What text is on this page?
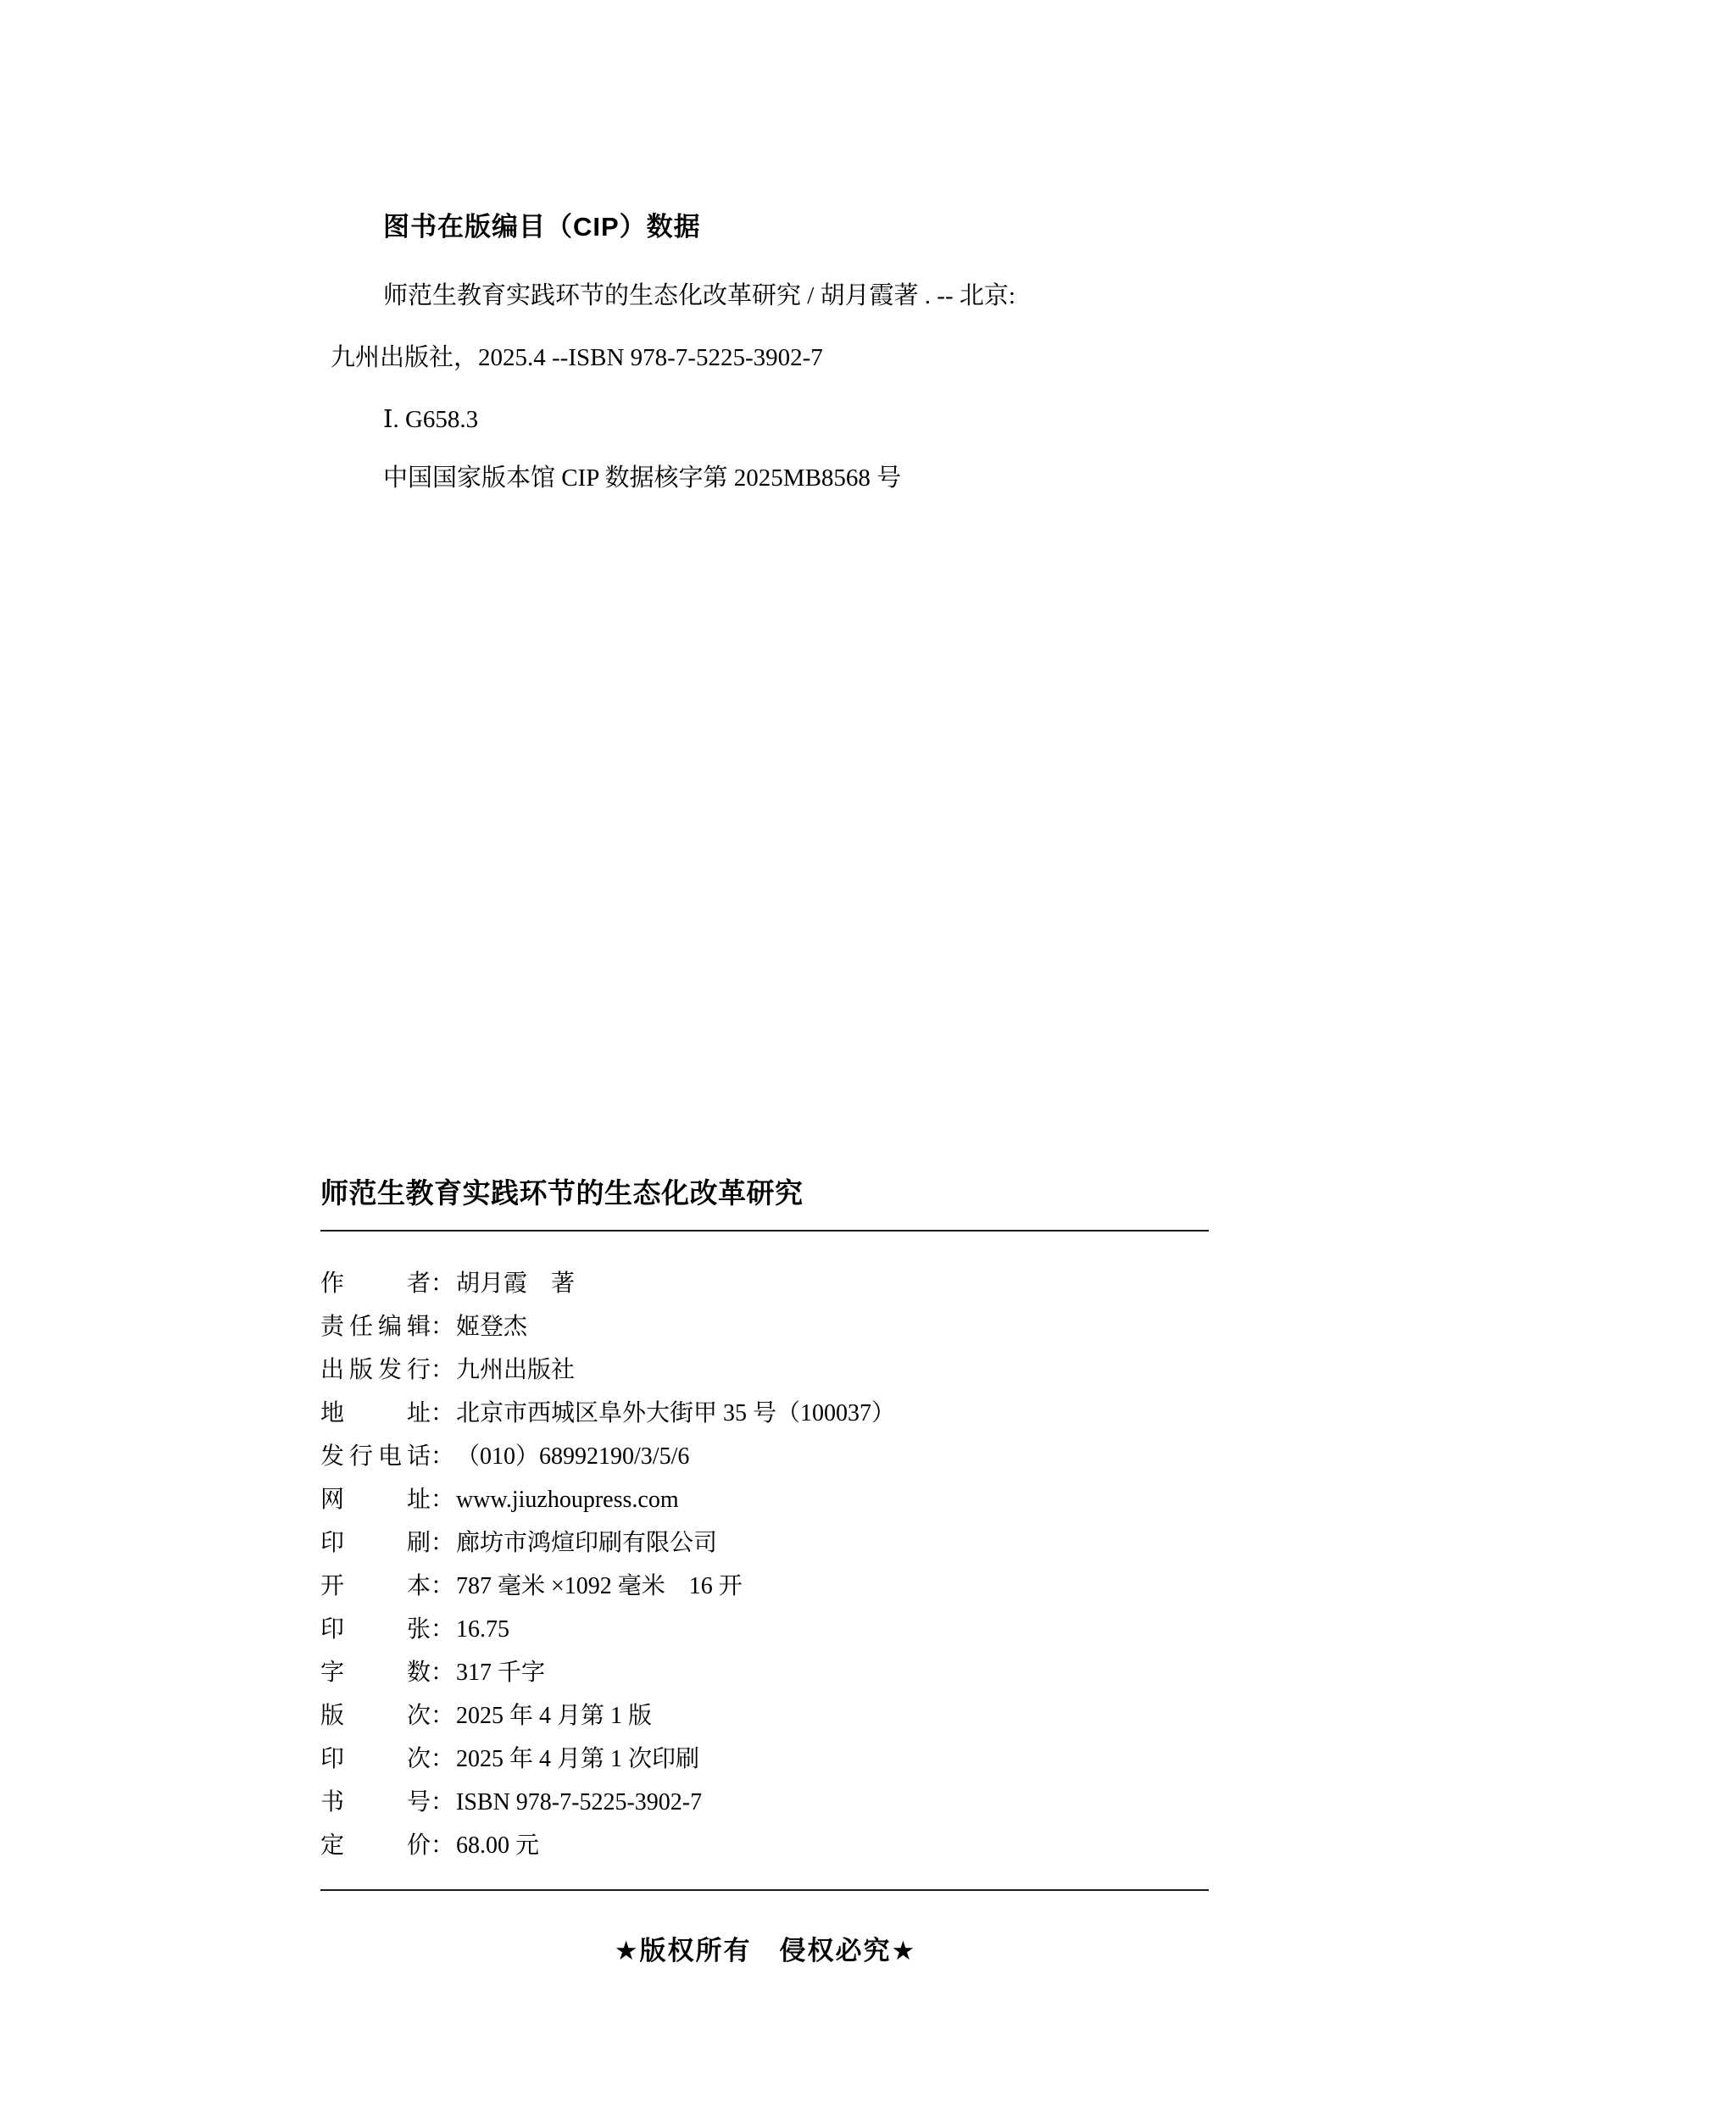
图书在版编目（CIP）数据

师范生教育实践环节的生态化改革研究 / 胡月霞著 . -- 北京:

九州出版社，2025.4 --ISBN 978-7-5225-3902-7

Ⅰ. G658.3

中国国家版本馆 CIP 数据核字第 2025MB8568 号

师范生教育实践环节的生态化改革研究
作　　者 ： 胡月霞　著
责任编辑 ： 姬登杰
出版发行 ： 九州出版社
地　　址 ： 北京市西城区阜外大街甲 35 号（100037）
发行电话 ： （010）68992190/3/5/6
网　　址 ： www.jiuzhoupress.com
印　　刷 ： 廊坊市鸿煊印刷有限公司
开　　本 ： 787 毫米 ×1092 毫米　16 开
印　　张 ： 16.75
字　　数 ： 317 千字
版　　次 ： 2025 年 4 月第 1 版
印　　次 ： 2025 年 4 月第 1 次印刷
书　　号 ： ISBN 978-7-5225-3902-7
定　　价 ： 68.00 元
★版权所有　侵权必究★
